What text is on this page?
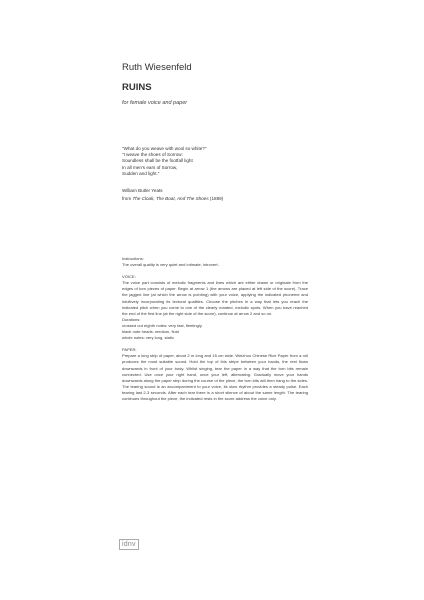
Ruth Wiesenfeld
RUINS
for female voice and paper
"What do you weave with wool so white?"
"I weave the shoes of Sorrow:
Soundless shall be the footfall light
In all men's ears of Sorrow,
Sudden and light."
William Butler Yeats
from The Cloak, The Boat, And The Shoes (1889)

Instructions:

The overall quality is very quiet and intimate, introvert.

VOICE:

The voice part consists of melodic fragments and lines which are either drawn or originate from the edges of torn pieces of paper. Begin at arrow 1 (the arrows are placed at left side of the score). Trace the jagged line (at which the arrow is pointing) with your voice, applying the indicated phoneme and intuitively incorporating its textural qualities. Choose the pitches in a way that lets you reach the indicated pitch when you come to one of the clearly notated, melodic spots. When you have reached the end of the first line (at the right side of the score), continue at arrow 2 and so on.

Durations:

crossed out eighth notes: very fast, fleetingly

black note heads: medium, fluid

whole notes: very long, static

PAPER:

Prepare a long strip of paper, about 2 m long and 15 cm wide. Weizhou Chinese Rice Paper from a roll produces the most suitable sound. Hold the top of this stripe between your hands, the rest flows downwards in front of your body. Whilst singing, tear the paper in a way that the torn bits remain connected. Use once your right hand, once your left, alternating. Gradually move your hands downwards along the paper strip during the course of the piece, the torn bits will then hang to the sides. The tearing sound is an accompaniment to your voice, its slow rhythm provides a steady pulse. Each tearing last 2-3 seconds. After each tear there is a short silence of about the same length. The tearing continues throughout the piece, the indicated rests in the score address the voice only.

idnv
